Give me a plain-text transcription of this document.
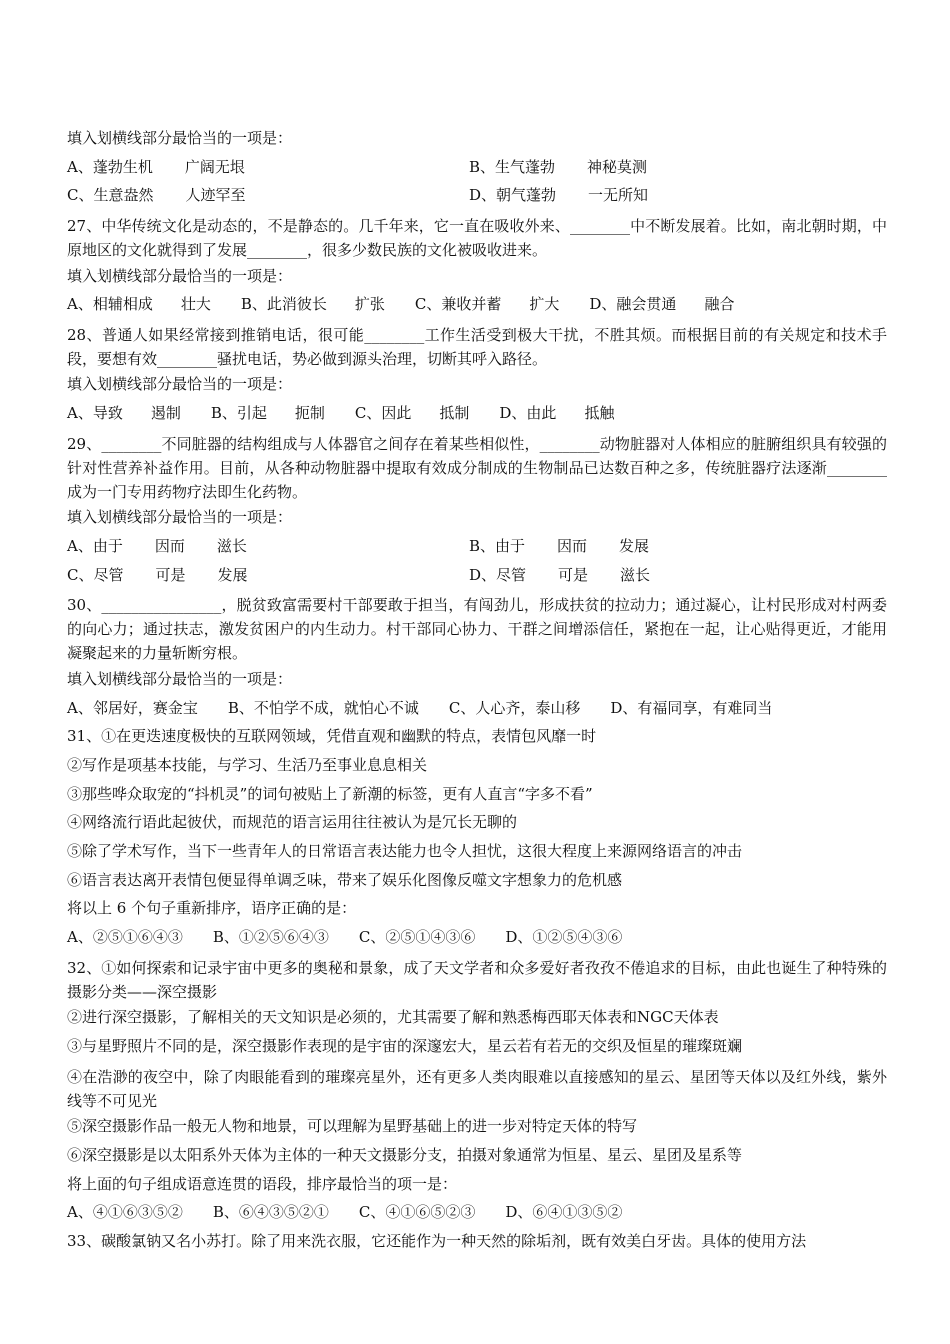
填入划横线部分最恰当的一项是：
A、蓬勃生机 广阔无垠	B、生气蓬勃 神秘莫测
C、生意盎然 人迹罕至	D、朝气蓬勃 一无所知
27、中华传统文化是动态的，不是静态的。几千年来，它一直在吸收外来、________中不断发展着。比如，南北朝时期，中原地区的文化就得到了发展________，很多少数民族的文化被吸收进来。
填入划横线部分最恰当的一项是：
A、相辅相成 壮大 B、此消彼长 扩张 C、兼收并蓄 扩大 D、融会贯通 融合
28、普通人如果经常接到推销电话，很可能________工作生活受到极大干扰，不胜其烦。而根据目前的有关规定和技术手段，要想有效________骚扰电话，势必做到源头治理，切断其呼入路径。
填入划横线部分最恰当的一项是：
A、导致 遏制 B、引起 扼制 C、因此 抵制 D、由此 抵触
29、________不同脏器的结构组成与人体器官之间存在着某些相似性，________动物脏器对人体相应的脏腑组织具有较强的针对性营养补益作用。目前，从各种动物脏器中提取有效成分制成的生物制品已达数百种之多，传统脏器疗法逐渐________成为一门专用药物疗法即生化药物。
填入划横线部分最恰当的一项是：
A、由于 因而 滋长	B、由于 因而 发展
C、尽管 可是 发展	D、尽管 可是 滋长
30、________________，脱贫致富需要村干部要敢于担当，有闯劲儿，形成扶贫的拉动力；通过凝心，让村民形成对村两委的向心力；通过扶志，激发贫困户的内生动力。村干部同心协力、干群之间增添信任，紧抱在一起，让心贴得更近，才能用凝聚起来的力量斩断穷根。
填入划横线部分最恰当的一项是：
A、邻居好，赛金宝 B、不怕学不成，就怕心不诚 C、人心齐，泰山移 D、有福同享，有难同当
31、①在更迭速度极快的互联网领域，凭借直观和幽默的特点，表情包风靡一时
②写作是项基本技能，与学习、生活乃至事业息息相关
③那些哗众取宠的“抖机灵”的词句被贴上了新潮的标签，更有人直言“字多不看”
④网络流行语此起彼伏，而规范的语言运用往往被认为是冗长无聊的
⑤除了学术写作，当下一些青年人的日常语言表达能力也令人担忧，这很大程度上来源网络语言的冲击
⑥语言表达离开表情包便显得单调乏味，带来了娱乐化图像反噬文字想象力的危机感
将以上 6 个句子重新排序，语序正确的是：
A、②⑤①⑥④③ B、①②⑤⑥④③ C、②⑤①④③⑥ D、①②⑤④③⑥
32、①如何探索和记录宇宙中更多的奥秘和景象，成了天文学者和众多爱好者孜孜不倦追求的目标，由此也诞生了种特殊的摄影分类——深空摄影
②进行深空摄影，了解相关的天文知识是必须的，尤其需要了解和熟悉梅西耶天体表和NGC天体表
③与星野照片不同的是，深空摄影作表现的是宇宙的深邃宏大，星云若有若无的交织及恒星的璀璨斑斓
④在浩渺的夜空中，除了肉眼能看到的璀璨亮星外，还有更多人类肉眼难以直接感知的星云、星团等天体以及红外线，紫外线等不可见光
⑤深空摄影作品一般无人物和地景，可以理解为星野基础上的进一步对特定天体的特写
⑥深空摄影是以太阳系外天体为主体的一种天文摄影分支，拍摄对象通常为恒星、星云、星团及星系等
将上面的句子组成语意连贯的语段，排序最恰当的项一是：
A、④①⑥③⑤② B、⑥④③⑤②① C、④①⑥⑤②③ D、⑥④①③⑤②
33、碳酸氯钠又名小苏打。除了用来洗衣服，它还能作为一种天然的除垢剂，既有效美白牙齿。具体的使用方法
